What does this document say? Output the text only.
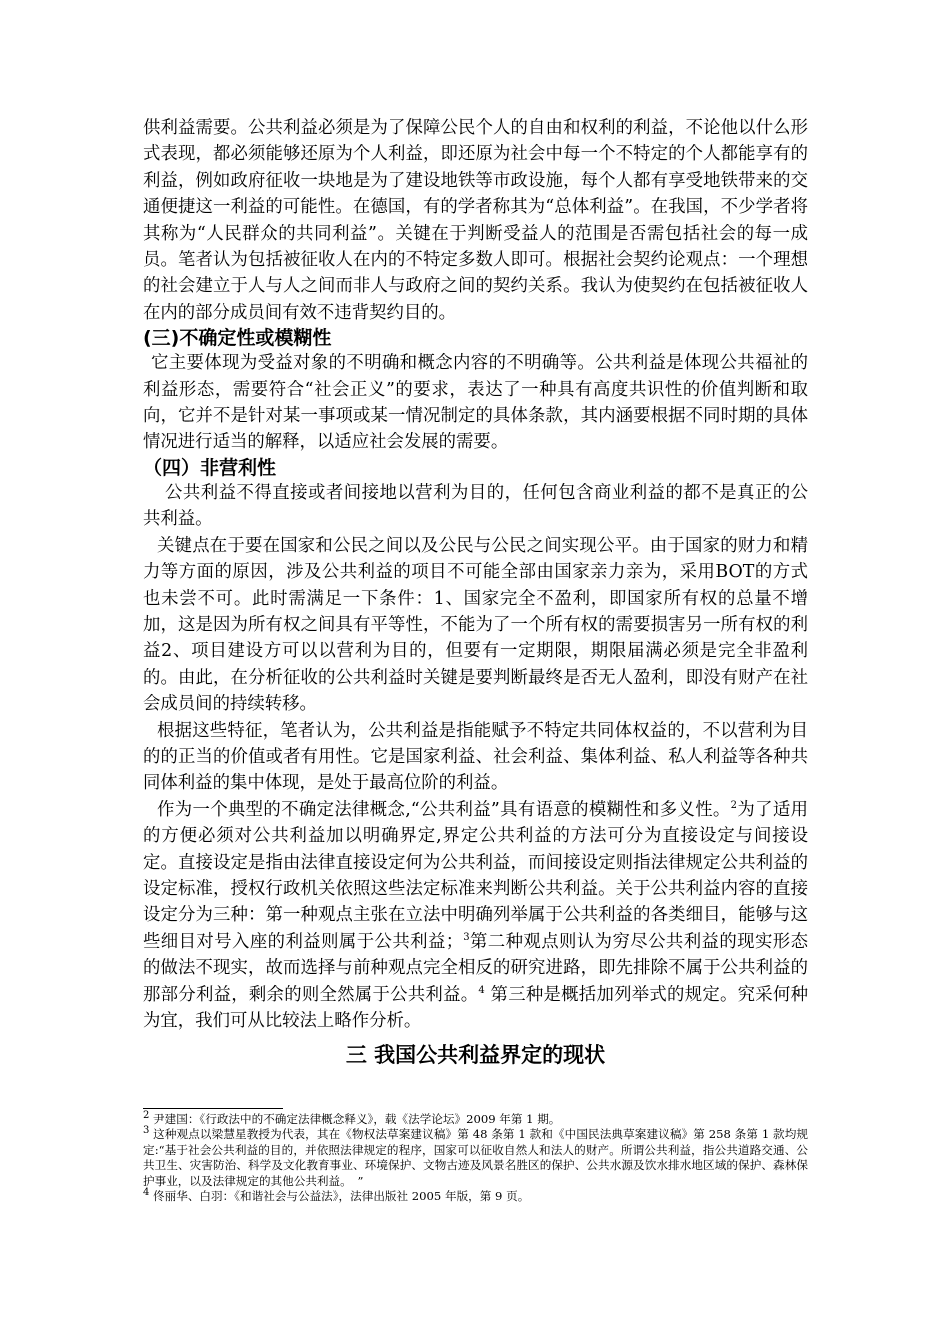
供利益需要。公共利益必须是为了保障公民个人的自由和权利的利益，不论他以什么形式表现，都必须能够还原为个人利益，即还原为社会中每一个不特定的个人都能享有的利益，例如政府征收一块地是为了建设地铁等市政设施，每个人都有享受地铁带来的交通便捷这一利益的可能性。在德国，有的学者称其为“总体利益”。在我国，不少学者将其称为“人民群众的共同利益”。关键在于判断受益人的范围是否需包括社会的每一成员。笔者认为包括被征收人在内的不特定多数人即可。根据社会契约论观点：一个理想的社会建立于人与人之间而非人与政府之间的契约关系。我认为使契约在包括被征收人在内的部分成员间有效不违背契约目的。

(三)不确定性或模糊性

它主要体现为受益对象的不明确和概念内容的不明确等。公共利益是体现公共福祉的利益形态，需要符合“社会正义”的要求，表达了一种具有高度共识性的价值判断和取向，它并不是针对某一事项或某一情况制定的具体条款，其内涵要根据不同时期的具体情况进行适当的解释，以适应社会发展的需要。

（四）非营利性

公共利益不得直接或者间接地以营利为目的，任何包含商业利益的都不是真正的公共利益。

关键点在于要在国家和公民之间以及公民与公民之间实现公平。由于国家的财力和精力等方面的原因，涉及公共利益的项目不可能全部由国家亲力亲为，采用BOT的方式也未尝不可。此时需满足一下条件：1、国家完全不盈利，即国家所有权的总量不增加，这是因为所有权之间具有平等性，不能为了一个所有权的需要损害另一所有权的利益2、项目建设方可以以营利为目的，但要有一定期限，期限届满必须是完全非盈利的。由此，在分析征收的公共利益时关键是要判断最终是否无人盈利，即没有财产在社会成员间的持续转移。

根据这些特征，笔者认为，公共利益是指能赋予不特定共同体权益的，不以营利为目的的正当的价值或者有用性。它是国家利益、社会利益、集体利益、私人利益等各种共同体利益的集中体现，是处于最高位阶的利益。

作为一个典型的不确定法律概念,“公共利益”具有语意的模糊性和多义性。$^2$为了适用的方便必须对公共利益加以明确界定,界定公共利益的方法可分为直接设定与间接设定。直接设定是指由法律直接设定何为公共利益，而间接设定则指法律规定公共利益的设定标准，授权行政机关依照这些法定标准来判断公共利益。关于公共利益内容的直接设定分为三种：第一种观点主张在立法中明确列举属于公共利益的各类细目，能够与这些细目对号入座的利益则属于公共利益；$^3$第二种观点则认为穷尽公共利益的现实形态的做法不现实，故而选择与前种观点完全相反的研究进路，即先排除不属于公共利益的那部分利益，剩余的则全然属于公共利益。$^4$ 第三种是概括加列举式的规定。究采何种为宜，我们可从比较法上略作分析。

三 我国公共利益界定的现状

$^2$ 尹建国：《行政法中的不确定法律概念释义》，载《法学论坛》2009 年第 1 期。

$^3$ 这种观点以梁慧星教授为代表，其在《物权法草案建议稿》第 48 条第 1 款和《中国民法典草案建议稿》第 258 条第 1 款均规定:“基于社会公共利益的目的，并依照法律规定的程序，国家可以征收自然人和法人的财产。所谓公共利益，指公共道路交通、公共卫生、灾害防治、科学及文化教育事业、环境保护、文物古迹及风景名胜区的保护、公共水源及饮水排水地区域的保护、森林保护事业，以及法律规定的其他公共利益。　”

$^4$ 佟丽华、白羽：《和谐社会与公益法》，法律出版社 2005 年版，第 9 页。
